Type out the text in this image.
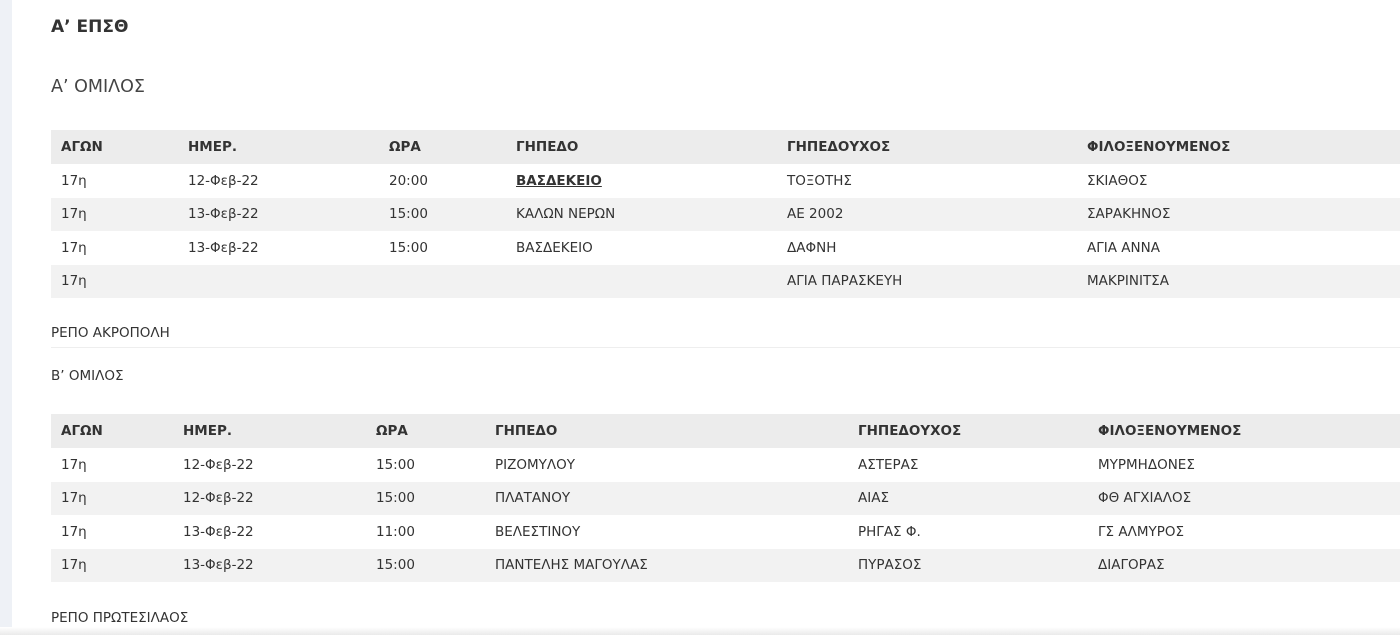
Α’ ΕΠΣΘ
Α’ ΟΜΙΛΟΣ
ΑΓΩΝ	ΗΜΕΡ.	ΩΡΑ	ΓΗΠΕΔΟ	ΓΗΠΕΔΟΥΧΟΣ	ΦΙΛΟΞΕΝΟΥΜΕΝΟΣ
17η	12-Φεβ-22	20:00	ΒΑΣΔΕΚΕΙΟ	ΤΟΞΟΤΗΣ	ΣΚΙΑΘΟΣ
17η	13-Φεβ-22	15:00	ΚΑΛΩΝ ΝΕΡΩΝ	ΑΕ 2002	ΣΑΡΑΚΗΝΟΣ
17η	13-Φεβ-22	15:00	ΒΑΣΔΕΚΕΙΟ	ΔΑΦΝΗ	ΑΓΙΑ ΑΝΝΑ
17η				ΑΓΙΑ ΠΑΡΑΣΚΕΥΗ	ΜΑΚΡΙΝΙΤΣΑ
ΡΕΠΟ ΑΚΡΟΠΟΛΗ
Β’ ΟΜΙΛΟΣ
ΑΓΩΝ	ΗΜΕΡ.	ΩΡΑ	ΓΗΠΕΔΟ	ΓΗΠΕΔΟΥΧΟΣ	ΦΙΛΟΞΕΝΟΥΜΕΝΟΣ
17η	12-Φεβ-22	15:00	ΡΙΖΟΜΥΛΟΥ	ΑΣΤΕΡΑΣ	ΜΥΡΜΗΔΟΝΕΣ
17η	12-Φεβ-22	15:00	ΠΛΑΤΑΝΟΥ	ΑΙΑΣ	ΦΘ ΑΓΧΙΑΛΟΣ
17η	13-Φεβ-22	11:00	ΒΕΛΕΣΤΙΝΟΥ	ΡΗΓΑΣ Φ.	ΓΣ ΑΛΜΥΡΟΣ
17η	13-Φεβ-22	15:00	ΠΑΝΤΕΛΗΣ ΜΑΓΟΥΛΑΣ	ΠΥΡΑΣΟΣ	ΔΙΑΓΟΡΑΣ
ΡΕΠΟ ΠΡΩΤΕΣΙΛΑΟΣ
